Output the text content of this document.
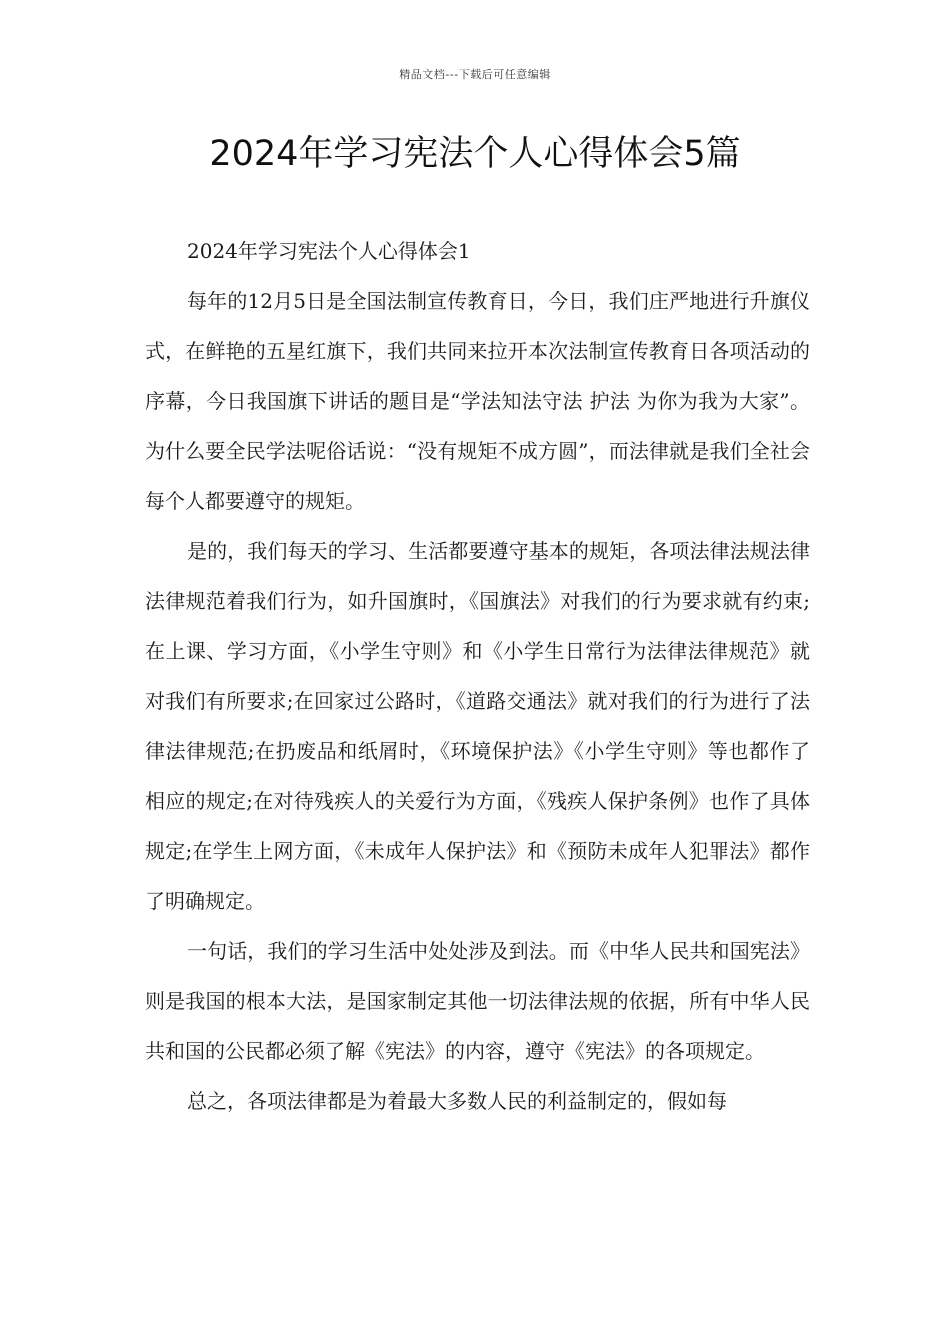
精品文档---下载后可任意编辑
2024年学习宪法个人心得体会5篇

2024年学习宪法个人心得体会1

每年的12月5日是全国法制宣传教育日，今日，我们庄严地进行升旗仪式，在鲜艳的五星红旗下，我们共同来拉开本次法制宣传教育日各项活动的序幕，今日我国旗下讲话的题目是“学法知法守法 护法 为你为我为大家”。为什么要全民学法呢俗话说：“没有规矩不成方圆”，而法律就是我们全社会每个人都要遵守的规矩。

是的，我们每天的学习、生活都要遵守基本的规矩，各项法律法规法律法律规范着我们行为，如升国旗时，《国旗法》对我们的行为要求就有约束;在上课、学习方面，《小学生守则》和《小学生日常行为法律法律规范》就对我们有所要求;在回家过公路时，《道路交通法》就对我们的行为进行了法律法律规范;在扔废品和纸屑时，《环境保护法》《小学生守则》等也都作了相应的规定;在对待残疾人的关爱行为方面，《残疾人保护条例》也作了具体规定;在学生上网方面，《未成年人保护法》和《预防未成年人犯罪法》都作了明确规定。

一句话，我们的学习生活中处处涉及到法。而《中华人民共和国宪法》则是我国的根本大法，是国家制定其他一切法律法规的依据，所有中华人民共和国的公民都必须了解《宪法》的内容，遵守《宪法》的各项规定。

总之，各项法律都是为着最大多数人民的利益制定的，假如每
